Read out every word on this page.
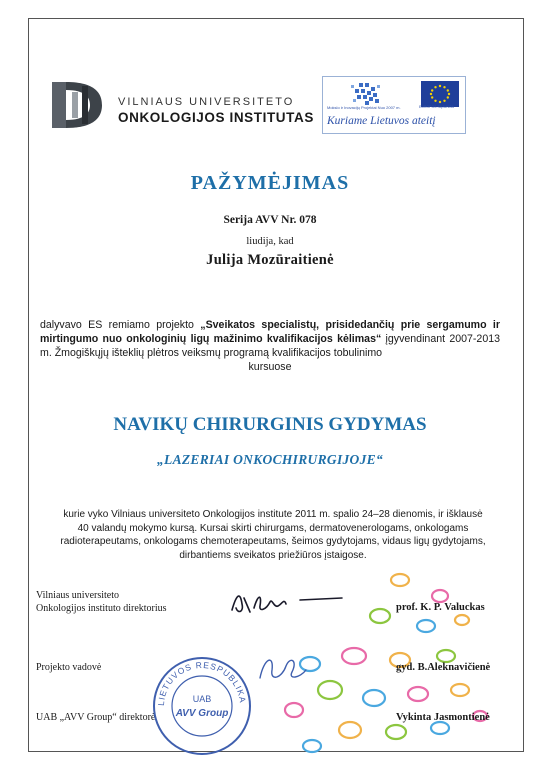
VILNIAUS UNIVERSITETO
ONKOLOGIJOS INSTITUTAS
Mokslo ir Inovacijų Projektai Nuo 2007 m.	EUROPOS SĄJUNGA
Kuriame Lietuvos ateitį
PAŽYMĖJIMAS
Serija AVV Nr. 078
liudija, kad
Julija Mozūraitienė
dalyvavo ES remiamo projekto „Sveikatos specialistų, prisidedančių prie sergamumo ir mirtingumo nuo onkologinių ligų mažinimo kvalifikacijos kėlimas“ įgyvendinant 2007-2013 m. Žmogiškųjų išteklių plėtros veiksmų programą kvalifikacijos tobulinimo
kursuose
NAVIKŲ CHIRURGINIS GYDYMAS
„LAZERIAI ONKOCHIRURGIJOJE“
kurie vyko Vilniaus universiteto Onkologijos institute 2011 m. spalio 24–28 dienomis, ir išklausė 40 valandų mokymo kursą. Kursai skirti chirurgams, dermatovenerologams, onkologams radioterapeutams, onkologams chemoterapeutams, šeimos gydytojams, vidaus ligų gydytojams, dirbantiems sveikatos priežiūros įstaigose.
Vilniaus universiteto
Onkologijos instituto direktorius	prof. K. P. Valuckas
Projekto vadovė	gyd. B.Aleknavičienė
UAB „AVV Group“ direktorė	Vykinta Jasmontienė
LIETUVOS RESPUBLIKA
UAB
AVV Group
